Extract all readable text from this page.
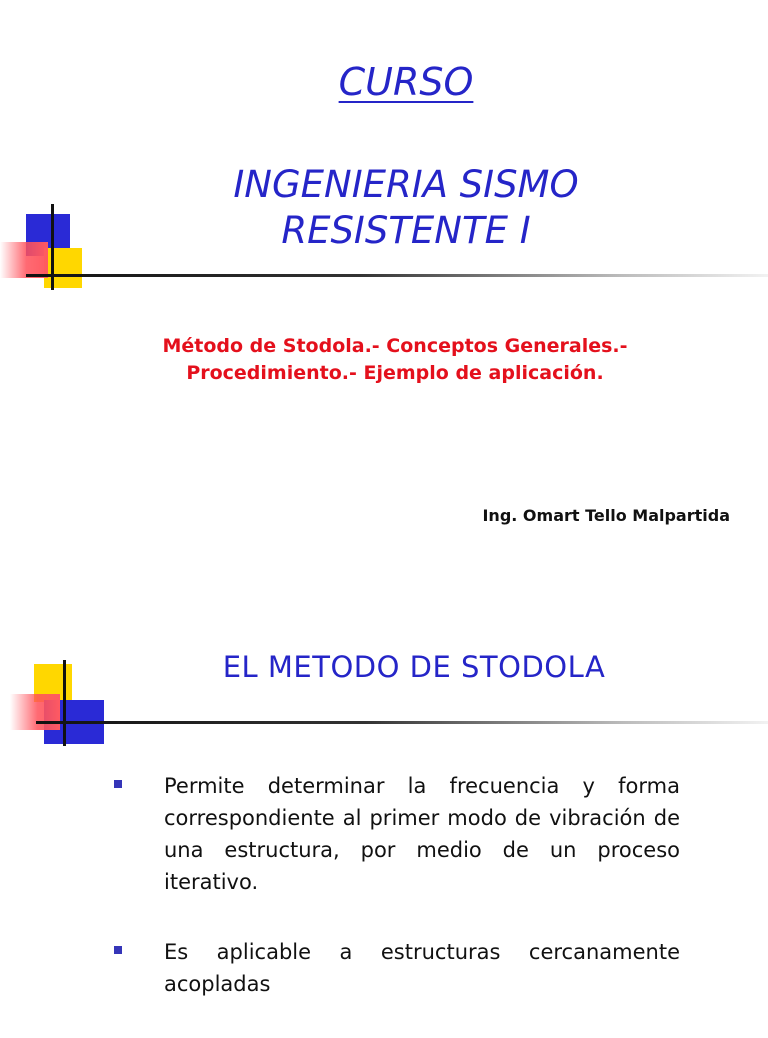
CURSO
INGENIERIA SISMO
RESISTENTE I
Método de Stodola.- Conceptos Generales.-
Procedimiento.- Ejemplo de aplicación.
Ing. Omart Tello Malpartida
EL METODO DE STODOLA
Permite determinar la frecuencia y forma correspondiente al primer modo de vibración de una estructura, por medio de un proceso iterativo.
Es aplicable a estructuras cercanamente acopladas
